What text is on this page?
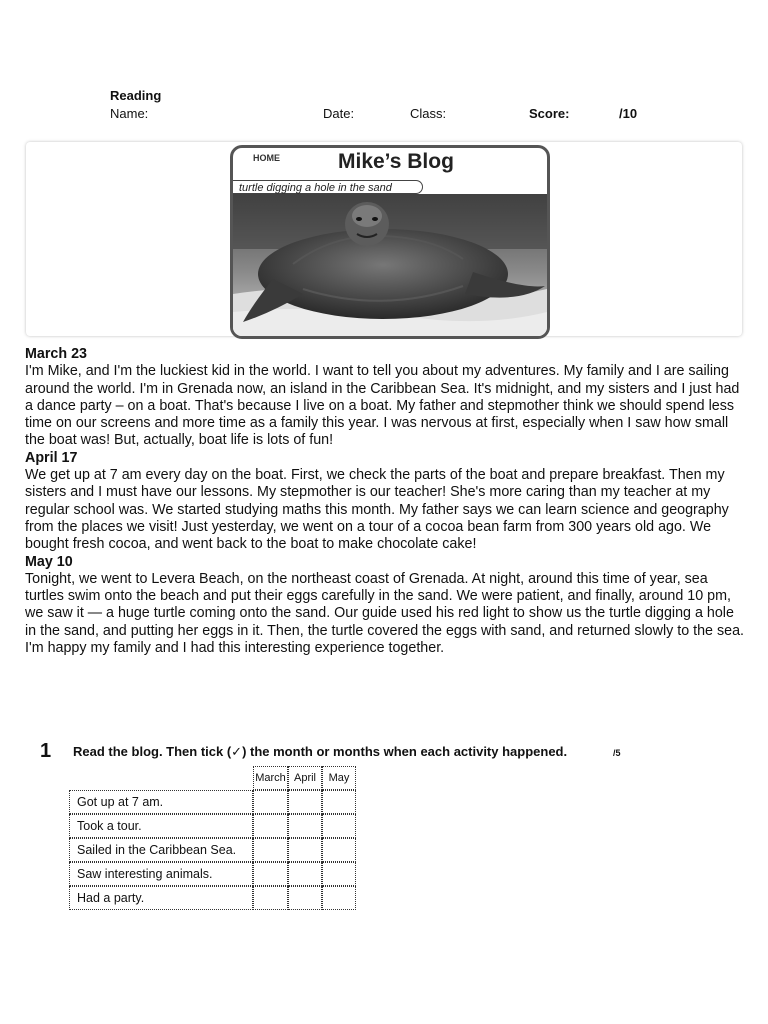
Reading
Name:	Date:	Class:	Score:	/10
HOME	Mike’s Blog
turtle digging a hole in the sand
March 23

I'm Mike, and I'm the luckiest kid in the world. I want to tell you about my adventures. My family and I are sailing around the world. I'm in Grenada now, an island in the Caribbean Sea. It's midnight, and my sisters and I just had a dance party – on a boat. That's because I live on a boat. My father and stepmother think we should spend less time on our screens and more time as a family this year. I was nervous at first, especially when I saw how small the boat was! But, actually, boat life is lots of fun!

April 17

We get up at 7 am every day on the boat. First, we check the parts of the boat and prepare breakfast. Then my sisters and I must have our lessons. My stepmother is our teacher! She's more caring than my teacher at my regular school was. We started studying maths this month. My father says we can learn science and geography from the places we visit! Just yesterday, we went on a tour of a cocoa bean farm from 300 years old ago. We bought fresh cocoa, and went back to the boat to make chocolate cake!

May 10

Tonight, we went to Levera Beach, on the northeast coast of Grenada. At night, around this time of year, sea turtles swim onto the beach and put their eggs carefully in the sand. We were patient, and finally, around 10 pm, we saw it — a huge turtle coming onto the sand. Our guide used his red light to show us the turtle digging a hole in the sand, and putting her eggs in it. Then, the turtle covered the eggs with sand, and returned slowly to the sea. I'm happy my family and I had this interesting experience together.

1 Read the blog. Then tick (✓) the month or months when each activity happened.	/5
	March	April	May
Got up at 7 am.			
Took a tour.			
Sailed in the Caribbean Sea.			
Saw interesting animals.			
Had a party.			
